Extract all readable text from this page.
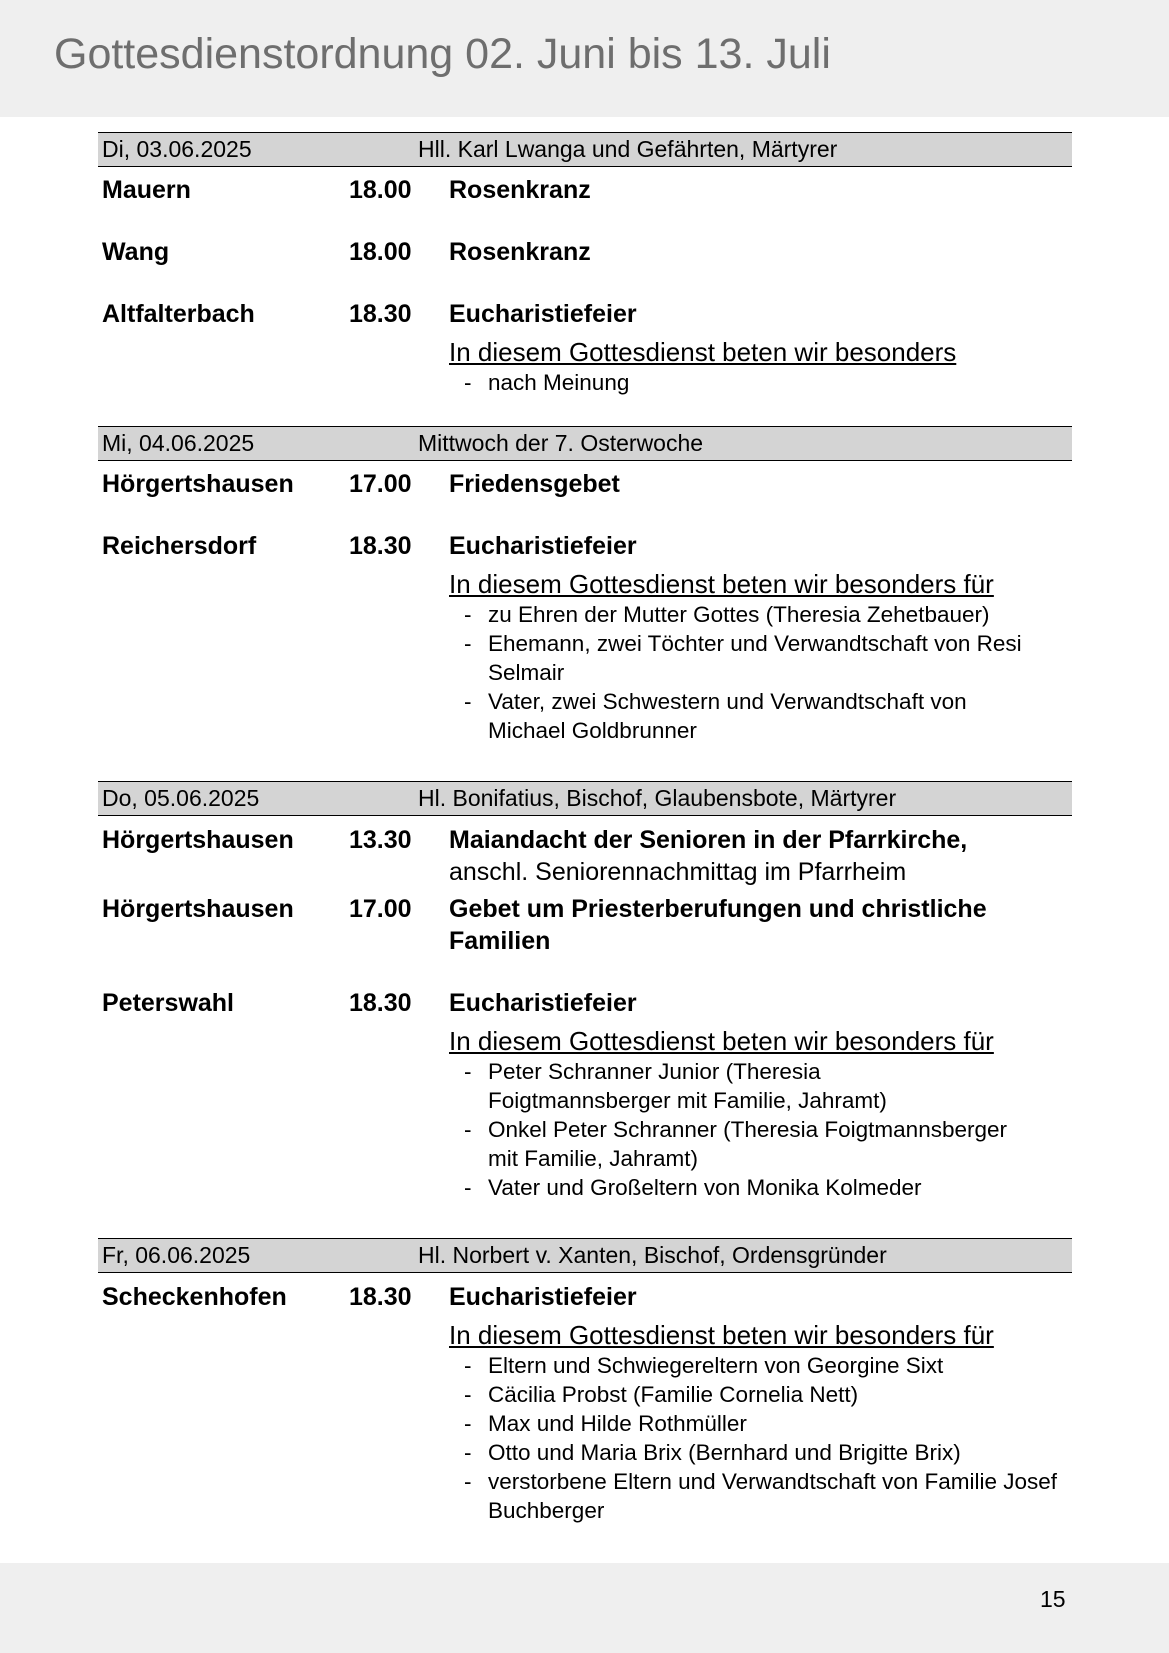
Gottesdienstordnung 02. Juni bis 13. Juli
Di, 03.06.2025	Hll. Karl Lwanga und Gefährten, Märtyrer
Mauern	18.00 Rosenkranz
Wang	18.00 Rosenkranz
Altfalterbach	18.30 Eucharistiefeier
In diesem Gottesdienst beten wir besonders
- nach Meinung
Mi, 04.06.2025	Mittwoch der 7. Osterwoche
Hörgertshausen 17.00 Friedensgebet
Reichersdorf	18.30 Eucharistiefeier
In diesem Gottesdienst beten wir besonders für
- zu Ehren der Mutter Gottes (Theresia Zehetbauer)
- Ehemann, zwei Töchter und Verwandtschaft von Resi Selmair
- Vater, zwei Schwestern und Verwandtschaft von Michael Goldbrunner
Do, 05.06.2025	Hl. Bonifatius, Bischof, Glaubensbote, Märtyrer
Hörgertshausen 13.30 Maiandacht der Senioren in der Pfarrkirche,
anschl. Seniorennachmittag im Pfarrheim
Hörgertshausen 17.00 Gebet um Priesterberufungen und christliche
Familien
Peterswahl	18.30 Eucharistiefeier
In diesem Gottesdienst beten wir besonders für
- Peter Schranner Junior (Theresia Foigtmannsberger mit Familie, Jahramt)
- Onkel Peter Schranner (Theresia Foigtmannsberger mit Familie, Jahramt)
- Vater und Großeltern von Monika Kolmeder
Fr, 06.06.2025	Hl. Norbert v. Xanten, Bischof, Ordensgründer
Scheckenhofen 18.30 Eucharistiefeier
In diesem Gottesdienst beten wir besonders für
- Eltern und Schwiegereltern von Georgine Sixt
- Cäcilia Probst (Familie Cornelia Nett)
- Max und Hilde Rothmüller
- Otto und Maria Brix (Bernhard und Brigitte Brix)
- verstorbene Eltern und Verwandtschaft von Familie Josef Buchberger
15
